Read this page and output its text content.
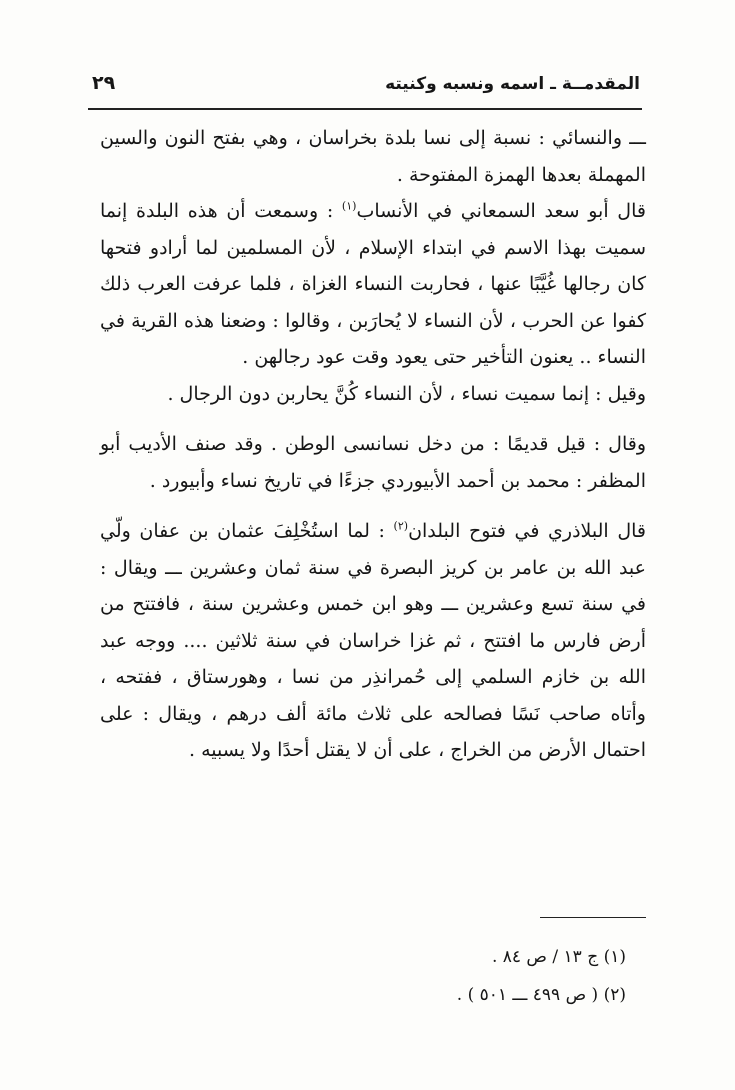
المقدمــة ـ اسمه ونسبه وكنيته
٢٩

ـــ والنسائي : نسبة إلى نسا بلدة بخراسان ، وهي بفتح النون والسين المهملة بعدها الهمزة المفتوحة .

قال أبو سعد السمعاني في الأنساب$^{(١)}$ : وسمعت أن هذه البلدة إنما سميت بهذا الاسم في ابتداء الإسلام ، لأن المسلمين لما أرادو فتحها كان رجالها غُيَّبًا عنها ، فحاربت النساء الغزاة ، فلما عرفت العرب ذلك كفوا عن الحرب ، لأن النساء لا يُحارَبن ، وقالوا : وضعنا هذه القرية في النساء .. يعنون التأخير حتى يعود وقت عود رجالهن .

وقيل : إنما سميت نساء ، لأن النساء كُنَّ يحاربن دون الرجال .

وقال : قيل قديمًا : من دخل نسانسى الوطن . وقد صنف الأديب أبو المظفر : محمد بن أحمد الأبيوردي جزءًا في تاريخ نساء وأبيورد .

قال البلاذري في فتوح البلدان$^{(٢)}$ : لما استُخْلِفَ عثمان بن عفان ولّي عبد الله بن عامر بن كريز البصرة في سنة ثمان وعشرين ـــ ويقال : في سنة تسع وعشرين ـــ وهو ابن خمس وعشرين سنة ، فافتتح من أرض فارس ما افتتح ، ثم غزا خراسان في سنة ثلاثين .... ووجه عبد الله بن خازم السلمي إلى حُمرانذِر من نسا ، وهورستاق ، ففتحه ، وأتاه صاحب نَسًا فصالحه على ثلاث مائة ألف درهم ، ويقال : على احتمال الأرض من الخراج ، على أن لا يقتل أحدًا ولا يسبيه .

(١) ج ١٣ / ص ٨٤ .

(٢) ( ص ٤٩٩ ـــ ٥٠١ ) .
